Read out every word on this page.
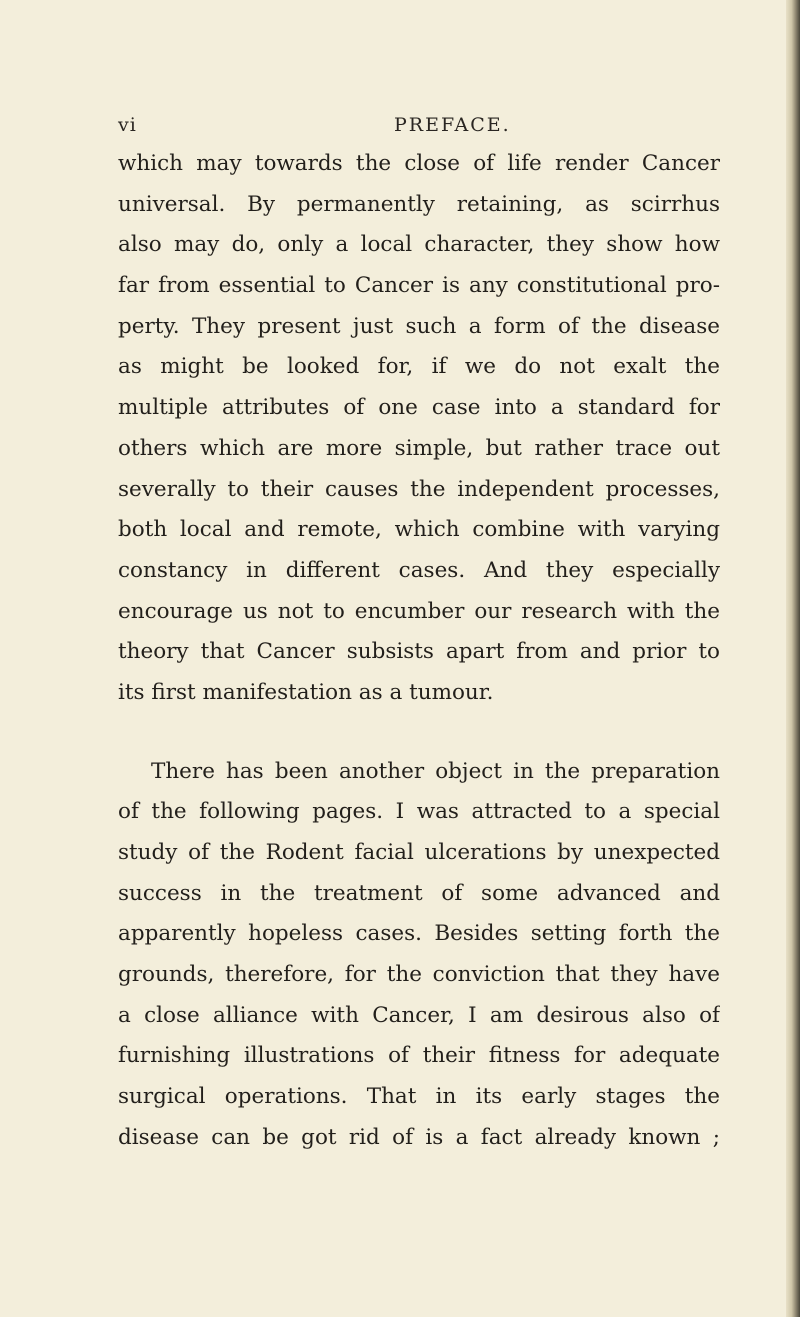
vi	PREFACE.

which may towards the close of life render Cancer
universal. By permanently retaining, as scirrhus
also may do, only a local character, they show how
far from essential to Cancer is any constitutional pro-
perty. They present just such a form of the disease
as might be looked for, if we do not exalt the
multiple attributes of one case into a standard for
others which are more simple, but rather trace out
severally to their causes the independent processes,
both local and remote, which combine with varying
constancy in different cases. And they especially
encourage us not to encumber our research with the
theory that Cancer subsists apart from and prior to
its first manifestation as a tumour.

There has been another object in the preparation
of the following pages. I was attracted to a special
study of the Rodent facial ulcerations by unexpected
success in the treatment of some advanced and
apparently hopeless cases. Besides setting forth the
grounds, therefore, for the conviction that they have
a close alliance with Cancer, I am desirous also of
furnishing illustrations of their fitness for adequate
surgical operations. That in its early stages the
disease can be got rid of is a fact already known ;
